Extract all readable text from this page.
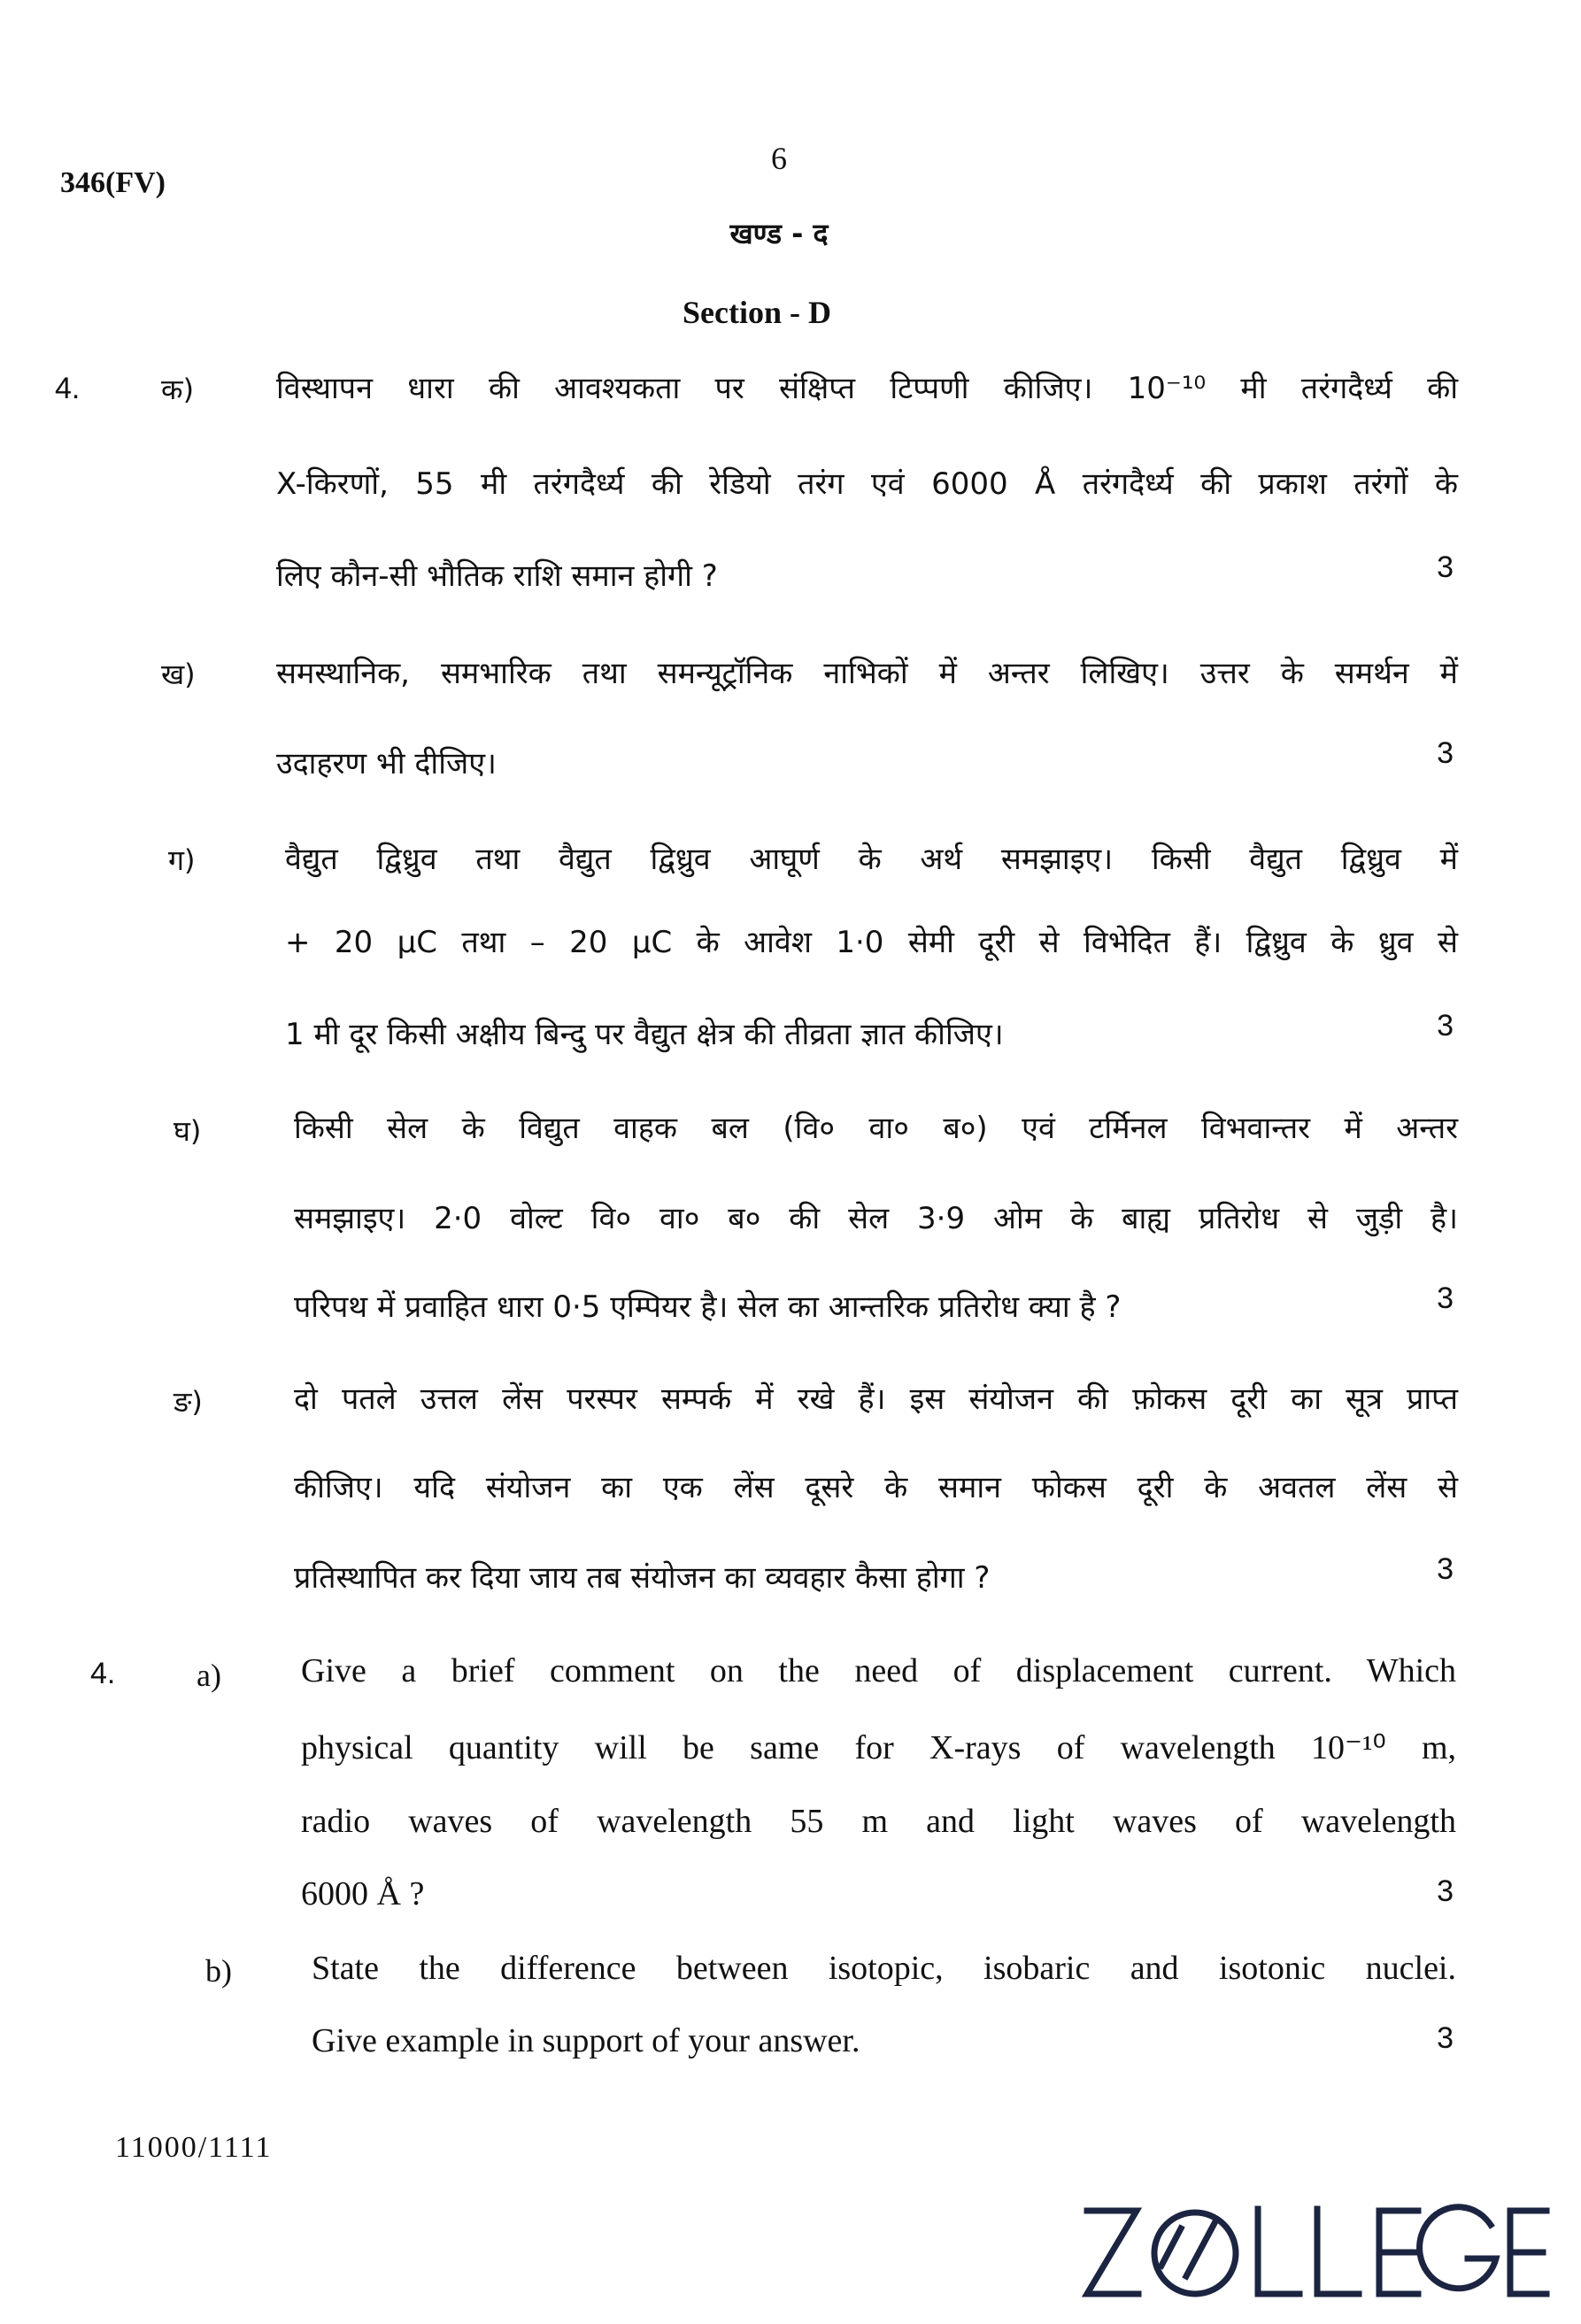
346(FV)
6
खण्ड - द
Section - D
4.	क)	विस्थापन धारा की आवश्यकता पर संक्षिप्त टिप्पणी कीजिए। 10⁻¹⁰ मी तरंगदैर्ध्य की
X-किरणों, 55 मी तरंगदैर्ध्य की रेडियो तरंग एवं 6000 Å तरंगदैर्ध्य की प्रकाश तरंगों के
लिए कौन-सी भौतिक राशि समान होगी ?	3
ख)	समस्थानिक, समभारिक तथा समन्यूट्रॉनिक नाभिकों में अन्तर लिखिए। उत्तर के समर्थन में
उदाहरण भी दीजिए।	3
ग)	वैद्युत द्विध्रुव तथा वैद्युत द्विध्रुव आघूर्ण के अर्थ समझाइए। किसी वैद्युत द्विध्रुव में
+ 20 μC तथा – 20 μC के आवेश 1·0 सेमी दूरी से विभेदित हैं। द्विध्रुव के ध्रुव से
1 मी दूर किसी अक्षीय बिन्दु पर वैद्युत क्षेत्र की तीव्रता ज्ञात कीजिए।	3
घ)	किसी सेल के विद्युत वाहक बल (वि० वा० ब०) एवं टर्मिनल विभवान्तर में अन्तर
समझाइए। 2·0 वोल्ट वि० वा० ब० की सेल 3·9 ओम के बाह्य प्रतिरोध से जुड़ी है।
परिपथ में प्रवाहित धारा 0·5 एम्पियर है। सेल का आन्तरिक प्रतिरोध क्या है ?	3
ङ)	दो पतले उत्तल लेंस परस्पर सम्पर्क में रखे हैं। इस संयोजन की फ़ोकस दूरी का सूत्र प्राप्त
कीजिए। यदि संयोजन का एक लेंस दूसरे के समान फोकस दूरी के अवतल लेंस से
प्रतिस्थापित कर दिया जाय तब संयोजन का व्यवहार कैसा होगा ?	3
4.	a) Give a brief comment on the need of displacement current. Which
physical quantity will be same for X-rays of wavelength 10⁻¹⁰ m,
radio waves of wavelength 55 m and light waves of wavelength
6000 Å ?	3
b) State the difference between isotopic, isobaric and isotonic nuclei.
Give example in support of your answer.	3
11000/1111
